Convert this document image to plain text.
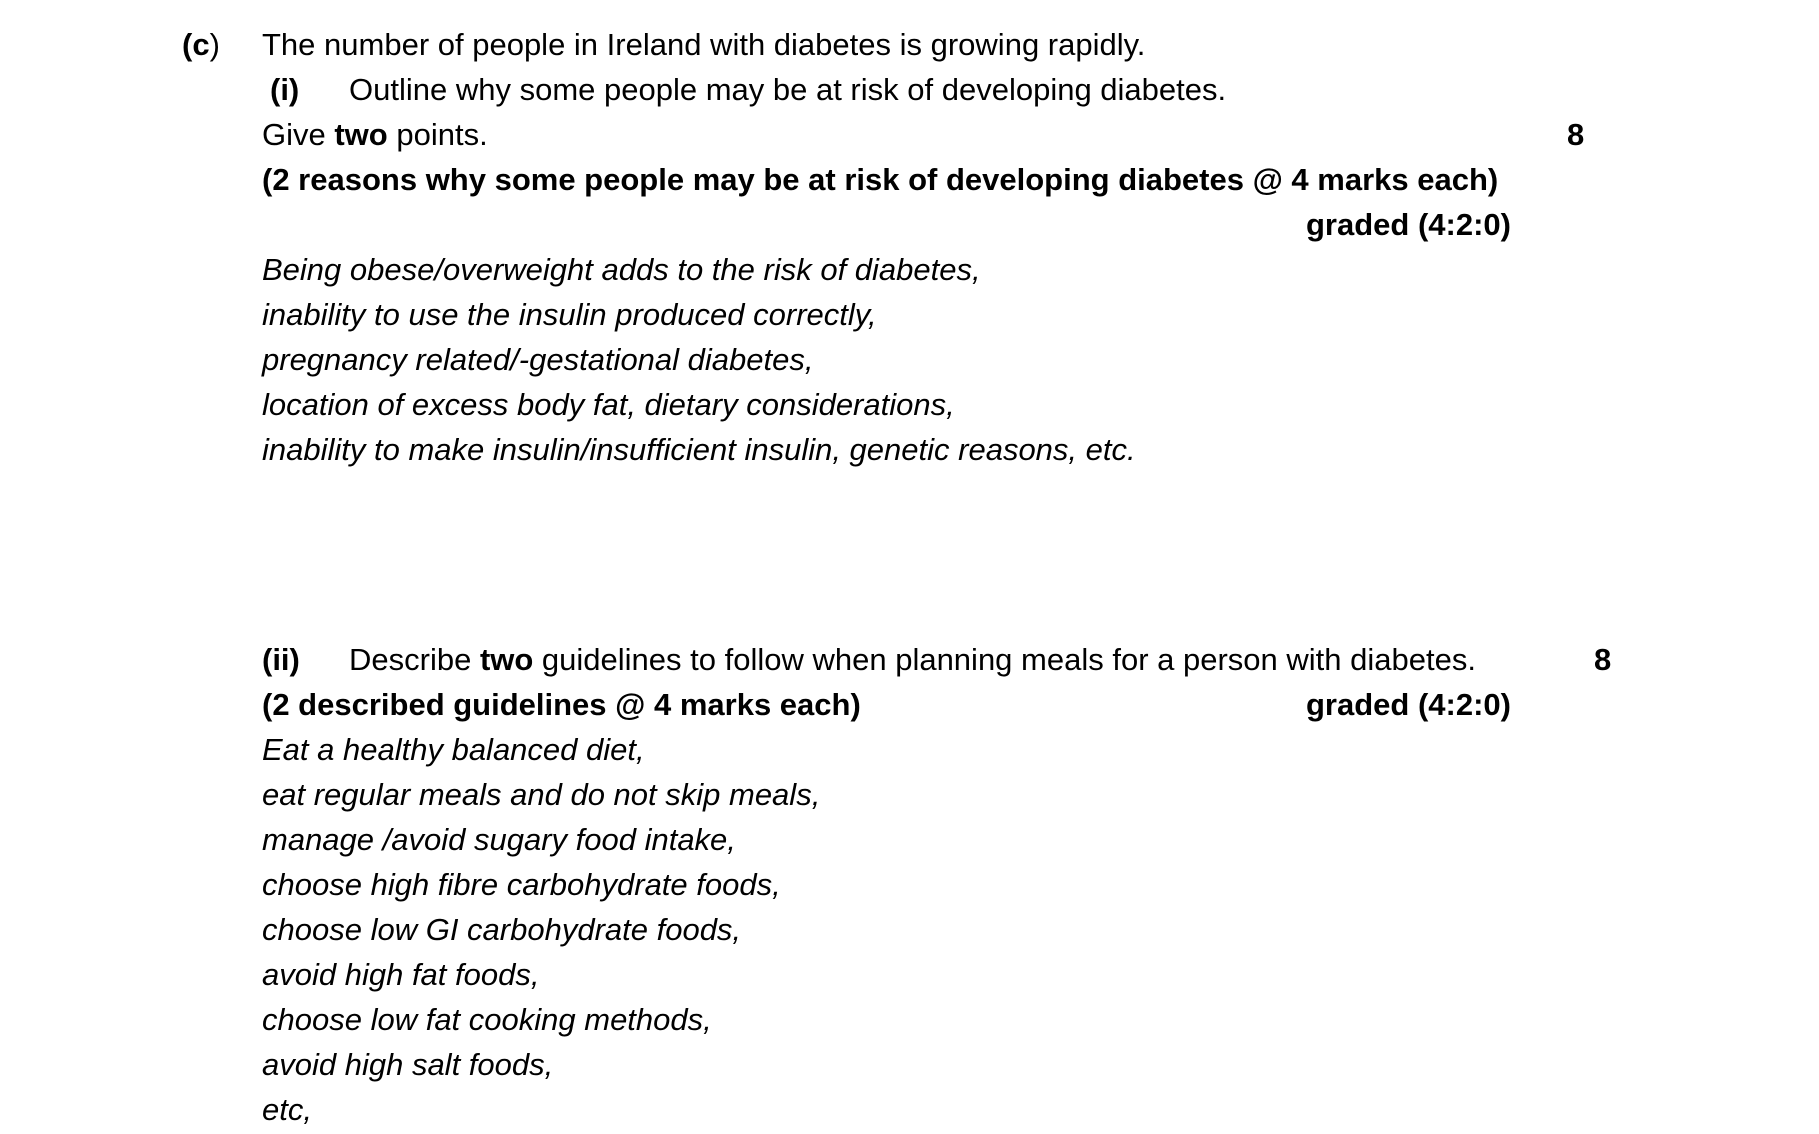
(c) The number of people in Ireland with diabetes is growing rapidly.
(i) Outline why some people may be at risk of developing diabetes.
Give two points.	8
(2 reasons why some people may be at risk of developing diabetes @ 4 marks each)
graded (4:2:0)
Being obese/overweight adds to the risk of diabetes,
inability to use the insulin produced correctly,
pregnancy related/-gestational diabetes,
location of excess body fat, dietary considerations,
inability to make insulin/insufficient insulin, genetic reasons, etc.
(ii) Describe two guidelines to follow when planning meals for a person with diabetes.	8
(2 described guidelines @ 4 marks each)	graded (4:2:0)
Eat a healthy balanced diet,
eat regular meals and do not skip meals,
manage /avoid sugary food intake,
choose high fibre carbohydrate foods,
choose low GI carbohydrate foods,
avoid high fat foods,
choose low fat cooking methods,
avoid high salt foods,
etc,
